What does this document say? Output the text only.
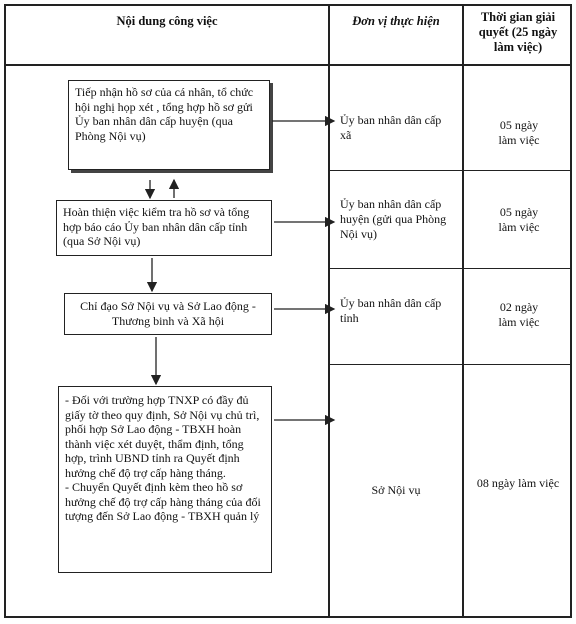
Nội dung công việc	Đơn vị thực hiện	Thời gian giải quyết (25 ngày làm việc)
Tiếp nhận hồ sơ của cá nhân, tổ chức hội nghị họp xét , tổng hợp hồ sơ gửi Ủy ban nhân dân cấp huyện (qua Phòng Nội vụ)
Hoàn thiện việc kiểm tra hồ sơ và tổng hợp báo cáo Ủy ban nhân dân cấp tỉnh (qua Sở Nội vụ)
Chỉ đạo Sở Nội vụ và Sở Lao động - Thương binh và Xã hội
- Đối với trường hợp TNXP có đầy đủ giấy tờ theo quy định, Sở Nội vụ chủ trì, phối hợp Sở Lao động - TBXH hoàn thành việc xét duyệt, thẩm định, tổng hợp, trình UBND tỉnh ra Quyết định hưởng chế độ trợ cấp hàng tháng.
- Chuyển Quyết định kèm theo hồ sơ hưởng chế độ trợ cấp hàng tháng của đối tượng đến Sở Lao động - TBXH quản lý
Ủy ban nhân dân cấp xã
Ủy ban nhân dân cấp huyện (gửi qua Phòng Nội vụ)
Ủy ban nhân dân cấp tỉnh
Sở Nội vụ
05 ngày làm việc
05 ngày làm việc
02 ngày làm việc
08 ngày làm việc
